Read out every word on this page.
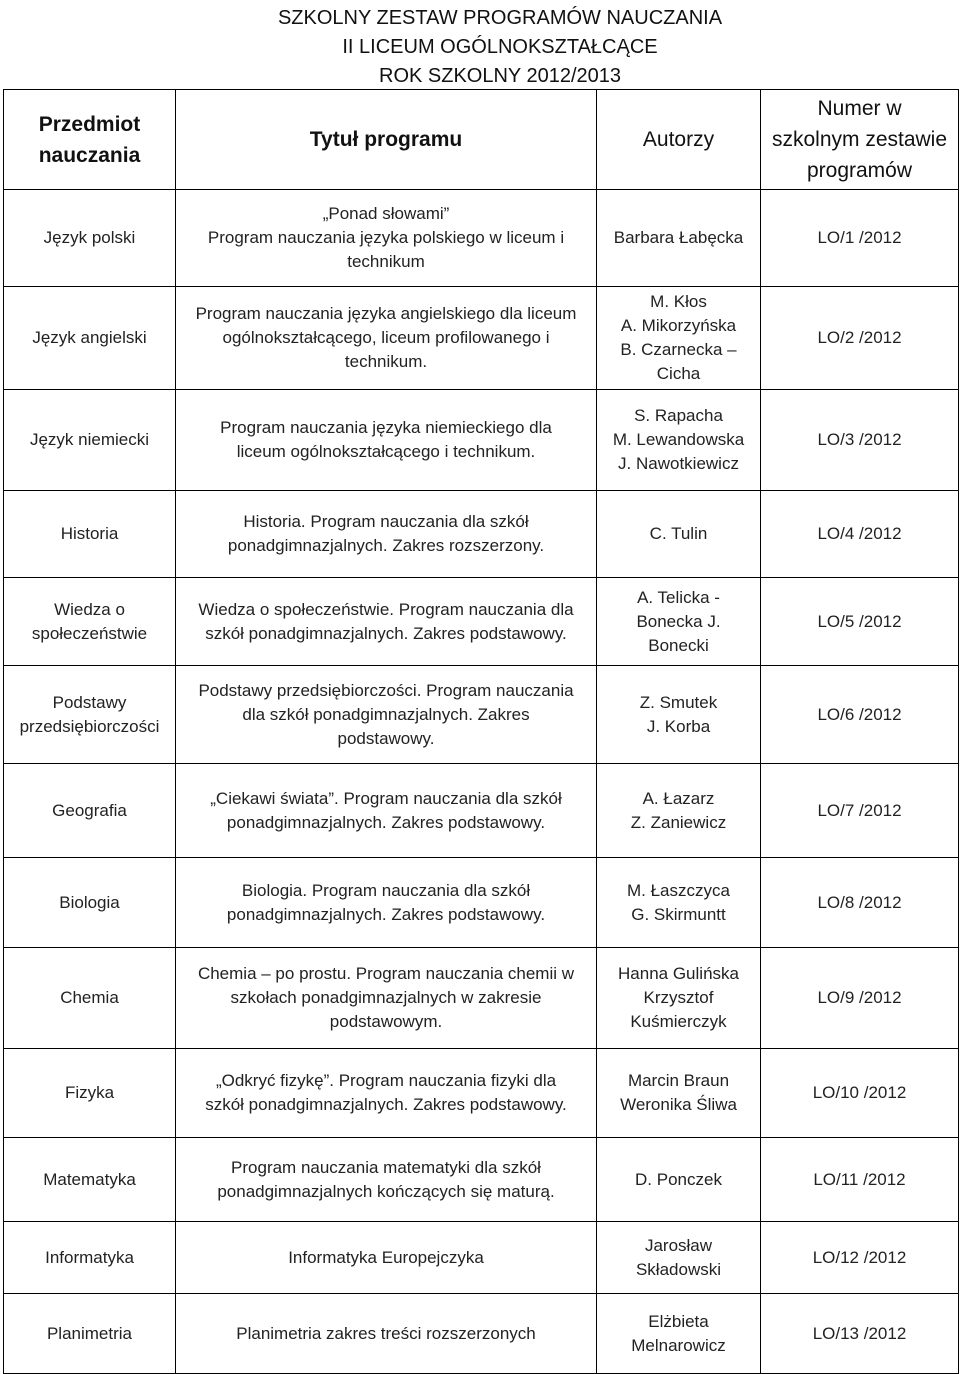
SZKOLNY ZESTAW PROGRAMÓW NAUCZANIA
II LICEUM OGÓLNOKSZTAŁCĄCE
ROK SZKOLNY 2012/2013
Przedmiot
nauczania	Tytuł programu	Autorzy	Numer w
szkolnym zestawie
programów
Język polski	„Ponad słowami”
Program nauczania języka polskiego w liceum i
technikum	Barbara Łabęcka	LO/1 /2012
Język angielski	Program nauczania języka angielskiego dla liceum
ogólnokształcącego, liceum profilowanego i
technikum.	M. Kłos
A. Mikorzyńska
B. Czarnecka –
Cicha	LO/2 /2012
Język niemiecki	Program nauczania języka niemieckiego dla
liceum ogólnokształcącego i technikum.	S. Rapacha
M. Lewandowska
J. Nawotkiewicz	LO/3 /2012
Historia	Historia. Program nauczania dla szkół
ponadgimnazjalnych. Zakres rozszerzony.	C. Tulin	LO/4 /2012
Wiedza o
społeczeństwie	Wiedza o społeczeństwie. Program nauczania dla
szkół ponadgimnazjalnych. Zakres podstawowy.	A. Telicka -
Bonecka J.
Bonecki	LO/5 /2012
Podstawy
przedsiębiorczości	Podstawy przedsiębiorczości. Program nauczania
dla szkół ponadgimnazjalnych. Zakres
podstawowy.	Z. Smutek
J. Korba	LO/6 /2012
Geografia	„Ciekawi świata”. Program nauczania dla szkół
ponadgimnazjalnych. Zakres podstawowy.	A. Łazarz
Z. Zaniewicz	LO/7 /2012
Biologia	Biologia. Program nauczania dla szkół
ponadgimnazjalnych. Zakres podstawowy.	M. Łaszczyca
G. Skirmuntt	LO/8 /2012
Chemia	Chemia – po prostu. Program nauczania chemii w
szkołach ponadgimnazjalnych w zakresie
podstawowym.	Hanna Gulińska
Krzysztof
Kuśmierczyk	LO/9 /2012
Fizyka	„Odkryć fizykę”. Program nauczania fizyki dla
szkół ponadgimnazjalnych. Zakres podstawowy.	Marcin Braun
Weronika Śliwa	LO/10 /2012
Matematyka	Program nauczania matematyki dla szkół
ponadgimnazjalnych kończących się maturą.	D. Ponczek	LO/11 /2012
Informatyka	Informatyka Europejczyka	Jarosław
Składowski	LO/12 /2012
Planimetria	Planimetria zakres treści rozszerzonych	Elżbieta
Melnarowicz	LO/13 /2012
